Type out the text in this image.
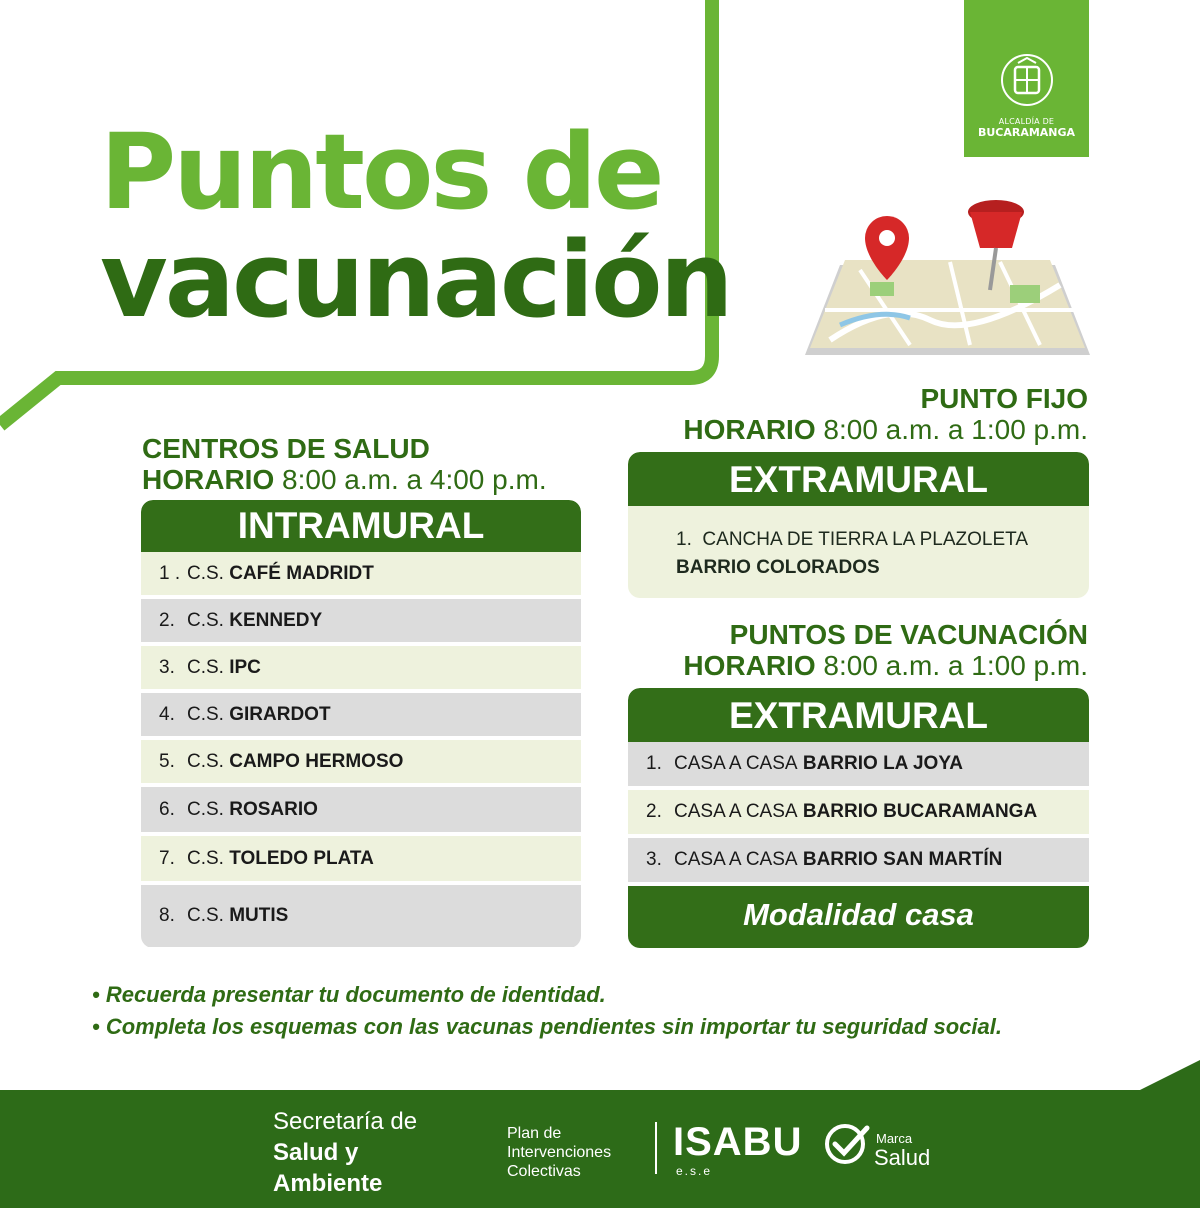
Puntos de
vacunación
ALCALDÍA DE
BUCARAMANGA
CENTROS DE SALUD
HORARIO 8:00 a.m. a 4:00 p.m.
INTRAMURAL
1 . C.S.
CAFÉ MADRIDT
2. C.S.
KENNEDY
3. C.S.
IPC
4. C.S.
GIRARDOT
5. C.S.
CAMPO HERMOSO
6. C.S.
ROSARIO
7. C.S.
TOLEDO PLATA
8. C.S.
MUTIS
PUNTO FIJO
HORARIO 8:00 a.m. a 1:00 p.m.
EXTRAMURAL
1. CANCHA DE TIERRA LA PLAZOLETA
BARRIO COLORADOS
PUNTOS DE VACUNACIÓN
HORARIO 8:00 a.m. a 1:00 p.m.
EXTRAMURAL
1. CASA A CASA
BARRIO LA JOYA
2. CASA A CASA
BARRIO BUCARAMANGA
3. CASA A CASA
BARRIO SAN MARTÍN
Modalidad casa
• Recuerda presentar tu documento de identidad.
• Completa los esquemas con las vacunas pendientes sin importar tu seguridad social.
Secretaría de
Salud y
Ambiente
Plan de
Intervenciones
Colectivas
ISABU
e.s.e
Marca
Salud
